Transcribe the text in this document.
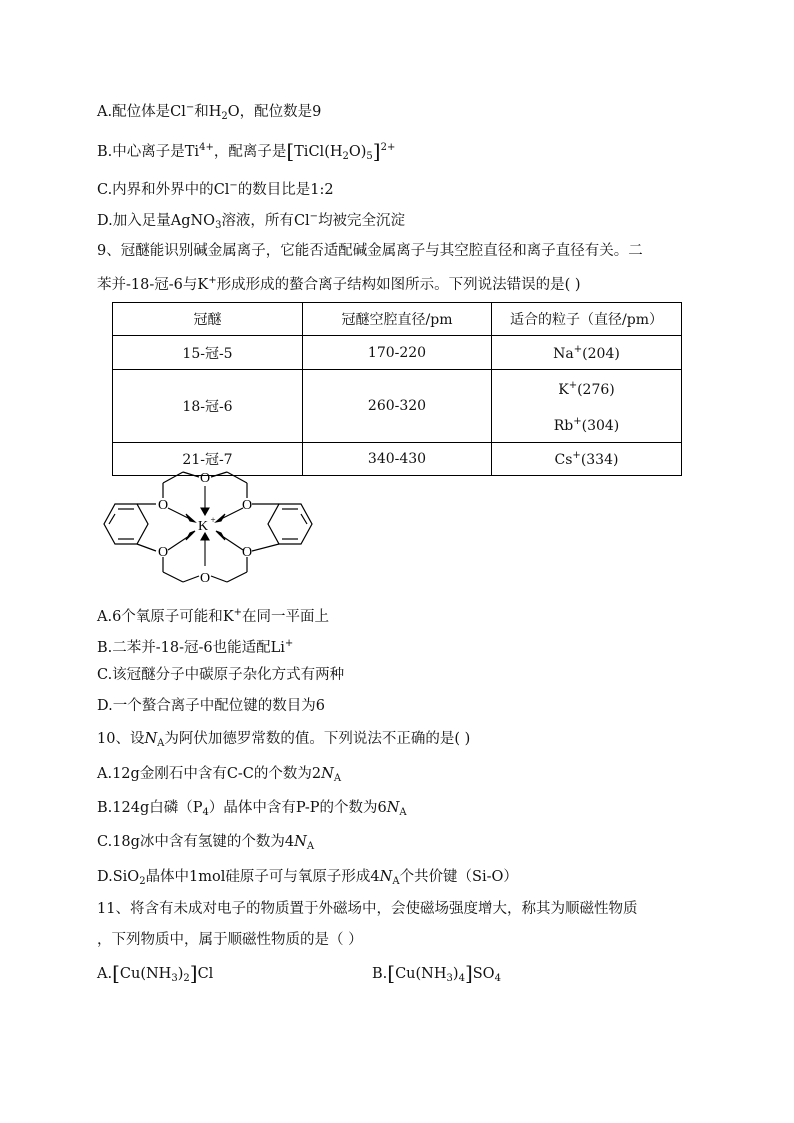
A.配位体是Cl−和$H_2O$，配位数是9
B.中心离子是$Ti^{4+}$，配离子是$[TiCl(H_2O)_5]^{2+}$
C.内界和外界中的Cl−的数目比是1:2
D.加入足量AgNO$_3$溶液，所有Cl−均被完全沉淀
9、冠醚能识别碱金属离子，它能否适配碱金属离子与其空腔直径和离子直径有关。二
苯并-18-冠-6与K+形成形成的螯合离子结构如图所示。下列说法错误的是( )
冠醚	冠醚空腔直径/pm	适合的粒子（直径/pm）
15-冠-5	170-220	Na+(204)
18-冠-6	260-320	K+(276)
Rb+(304)

21-冠-7	340-430	Cs+(334)
O
O
O
O
O
O
K +
A.6个氧原子可能和K+在同一平面上
B.二苯并-18-冠-6也能适配Li+
C.该冠醚分子中碳原子杂化方式有两种
D.一个螯合离子中配位键的数目为6
10、设$N_A$为阿伏加德罗常数的值。下列说法不正确的是( )
A.12g金刚石中含有C-C的个数为$2N_A$
B.124g白磷$(P_4)$晶体中含有P-P的个数为$6N_A$
C.18g冰中含有氢键的个数为$4N_A$
D.SiO$_2$晶体中1mol硅原子可与氧原子形成$4N_A$个共价键（Si-O）
11、将含有未成对电子的物质置于外磁场中，会使磁场强度增大，称其为顺磁性物质
，下列物质中，属于顺磁性物质的是（ ）
$A.[Cu(NH_3)_2]Cl$	$B.[Cu(NH_3)_4]SO_4$
